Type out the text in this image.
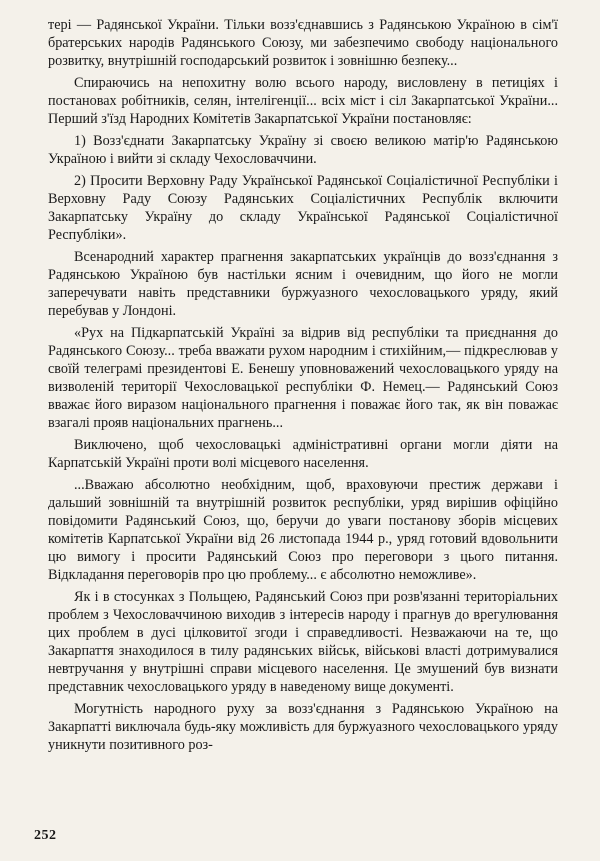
тері — Радянської України. Тільки возз'єднавшись з Радянською Україною в сім'ї братерських народів Радянського Союзу, ми забезпечимо свободу національного розвитку, внутрішній господарський розвиток і зовнішню безпеку...

Спираючись на непохитну волю всього народу, висловлену в петиціях і постановах робітників, селян, інтелігенції... всіх міст і сіл Закарпатської України... Перший з'їзд Народних Комітетів Закарпатської України постановляє:

1) Возз'єднати Закарпатську Україну зі своєю великою матір'ю Радянською Україною і вийти зі складу Чехословаччини.

2) Просити Верховну Раду Української Радянської Соціалістичної Республіки і Верховну Раду Союзу Радянських Соціалістичних Республік включити Закарпатську Україну до складу Української Радянської Соціалістичної Республіки».

Всенародний характер прагнення закарпатських українців до возз'єднання з Радянською Україною був настільки ясним і очевидним, що його не могли заперечувати навіть представники буржуазного чехословацького уряду, який перебував у Лондоні.

«Рух на Підкарпатській Україні за відрив від республіки та приєднання до Радянського Союзу... треба вважати рухом народним і стихійним,— підкреслював у своїй телеграмі президентові Е. Бенешу уповноважений чехословацького уряду на визволеній території Чехословацької республіки Ф. Немец.— Радянський Союз вважає його виразом національного прагнення і поважає його так, як він поважає взагалі прояв національних прагнень...

Виключено, щоб чехословацькі адміністративні органи могли діяти на Карпатській Україні проти волі місцевого населення.

...Вважаю абсолютно необхідним, щоб, враховуючи престиж держави і дальший зовнішній та внутрішній розвиток республіки, уряд вирішив офіційно повідомити Радянський Союз, що, беручи до уваги постанову зборів місцевих комітетів Карпатської України від 26 листопада 1944 р., уряд готовий вдовольнити цю вимогу і просити Радянський Союз про переговори з цього питання. Відкладання переговорів про цю проблему... є абсолютно неможливе».

Як і в стосунках з Польщею, Радянський Союз при розв'язанні територіальних проблем з Чехословаччиною виходив з інтересів народу і прагнув до врегулювання цих проблем в дусі цілковитої згоди і справедливості. Незважаючи на те, що Закарпаття знаходилося в тилу радянських військ, військові власті дотримувалися невтручання у внутрішні справи місцевого населення. Це змушений був визнати представник чехословацького уряду в наведеному вище документі.

Могутність народного руху за возз'єднання з Радянською Україною на Закарпатті виключала будь-яку можливість для буржуазного чехословацького уряду уникнути позитивного роз-

252
